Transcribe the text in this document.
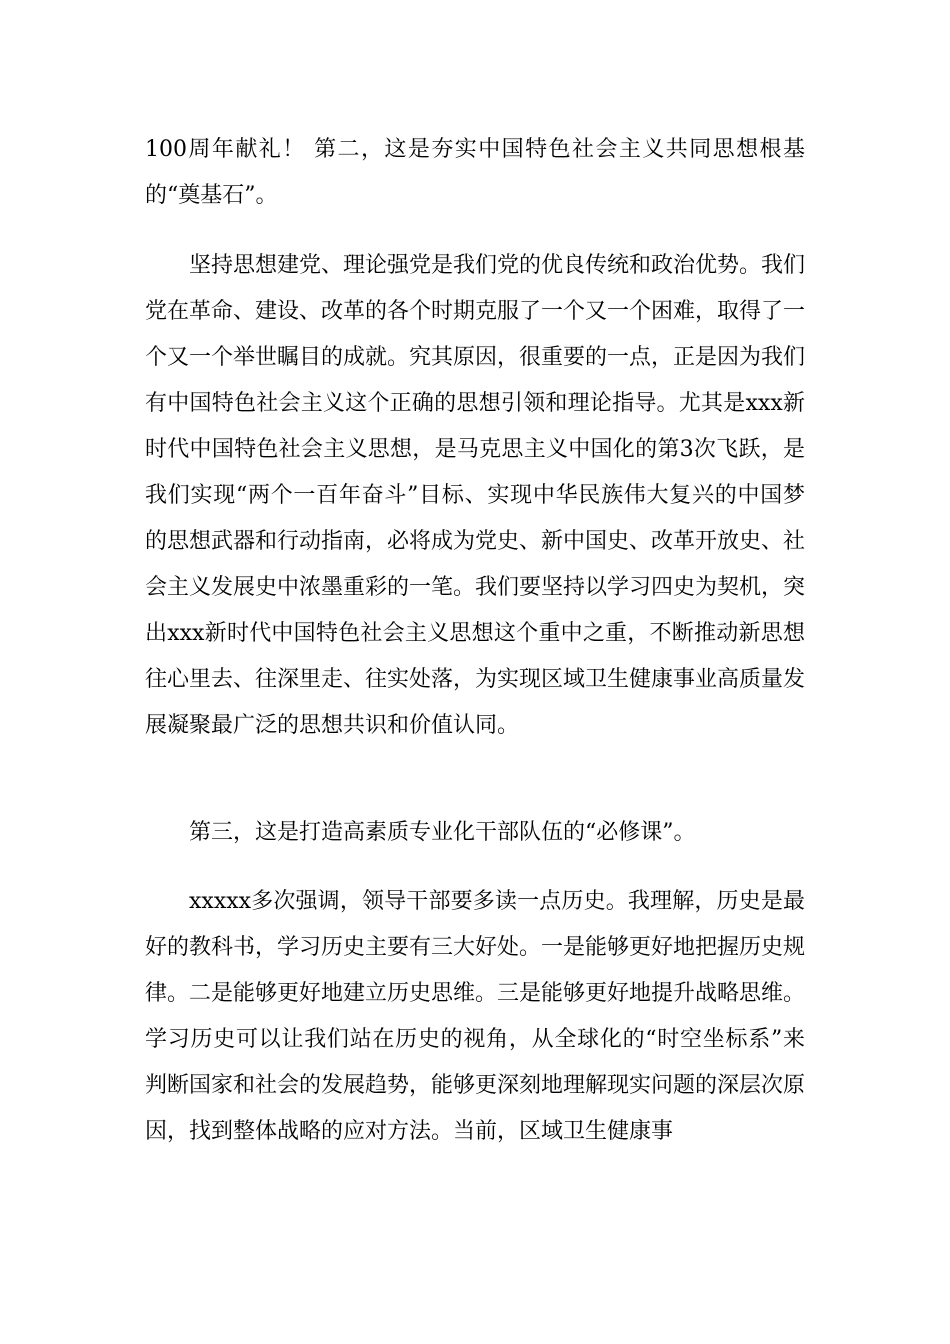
100周年献礼！ 第二，这是夯实中国特色社会主义共同思想根基的“奠基石”。

坚持思想建党、理论强党是我们党的优良传统和政治优势。我们党在革命、建设、改革的各个时期克服了一个又一个困难，取得了一个又一个举世瞩目的成就。究其原因，很重要的一点，正是因为我们有中国特色社会主义这个正确的思想引领和理论指导。尤其是xxx新时代中国特色社会主义思想，是马克思主义中国化的第3次飞跃，是我们实现“两个一百年奋斗”目标、实现中华民族伟大复兴的中国梦的思想武器和行动指南，必将成为党史、新中国史、改革开放史、社会主义发展史中浓墨重彩的一笔。我们要坚持以学习四史为契机，突出xxx新时代中国特色社会主义思想这个重中之重，不断推动新思想往心里去、往深里走、往实处落，为实现区域卫生健康事业高质量发展凝聚最广泛的思想共识和价值认同。

第三，这是打造高素质专业化干部队伍的“必修课”。

xxxxx多次强调，领导干部要多读一点历史。我理解，历史是最好的教科书，学习历史主要有三大好处。一是能够更好地把握历史规律。二是能够更好地建立历史思维。三是能够更好地提升战略思维。学习历史可以让我们站在历史的视角，从全球化的“时空坐标系”来判断国家和社会的发展趋势，能够更深刻地理解现实问题的深层次原因，找到整体战略的应对方法。当前，区域卫生健康事
